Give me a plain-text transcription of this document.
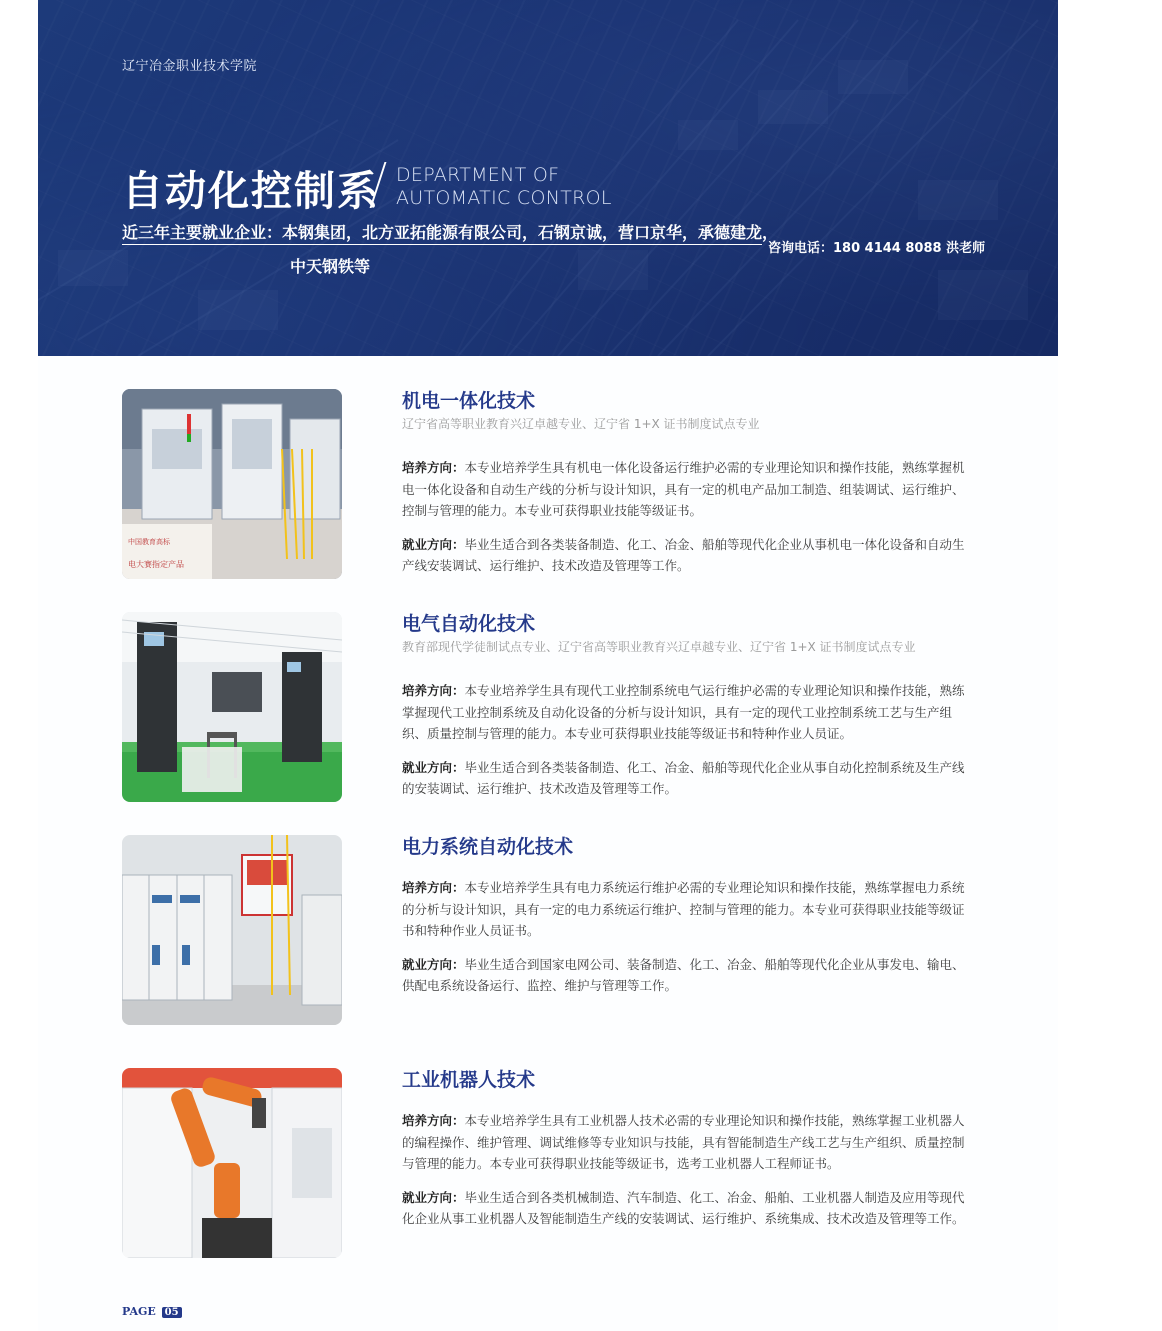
辽宁冶金职业技术学院
自动化控制系 DEPARTMENT OF
AUTOMATIC CONTROL
近三年主要就业企业：本钢集团，北方亚拓能源有限公司，石钢京诚，营口京华，承德建龙，
中天钢铁等
咨询电话：180 4144 8088 洪老师
中国教育高标
电大赛指定产品
机电一体化技术
辽宁省高等职业教育兴辽卓越专业、辽宁省 1+X 证书制度试点专业
培养方向：本专业培养学生具有机电一体化设备运行维护必需的专业理论知识和操作技能，熟练掌握机电一体化设备和自动生产线的分析与设计知识，具有一定的机电产品加工制造、组装调试、运行维护、控制与管理的能力。本专业可获得职业技能等级证书。
就业方向：毕业生适合到各类装备制造、化工、冶金、船舶等现代化企业从事机电一体化设备和自动生产线安装调试、运行维护、技术改造及管理等工作。
电气自动化技术
教育部现代学徒制试点专业、辽宁省高等职业教育兴辽卓越专业、辽宁省 1+X 证书制度试点专业
培养方向：本专业培养学生具有现代工业控制系统电气运行维护必需的专业理论知识和操作技能，熟练掌握现代工业控制系统及自动化设备的分析与设计知识，具有一定的现代工业控制系统工艺与生产组织、质量控制与管理的能力。本专业可获得职业技能等级证书和特种作业人员证。
就业方向：毕业生适合到各类装备制造、化工、冶金、船舶等现代化企业从事自动化控制系统及生产线的安装调试、运行维护、技术改造及管理等工作。
电力系统自动化技术
培养方向：本专业培养学生具有电力系统运行维护必需的专业理论知识和操作技能，熟练掌握电力系统的分析与设计知识，具有一定的电力系统运行维护、控制与管理的能力。本专业可获得职业技能等级证书和特种作业人员证书。
就业方向：毕业生适合到国家电网公司、装备制造、化工、冶金、船舶等现代化企业从事发电、输电、供配电系统设备运行、监控、维护与管理等工作。
工业机器人技术
培养方向：本专业培养学生具有工业机器人技术必需的专业理论知识和操作技能，熟练掌握工业机器人的编程操作、维护管理、调试维修等专业知识与技能，具有智能制造生产线工艺与生产组织、质量控制与管理的能力。本专业可获得职业技能等级证书，选考工业机器人工程师证书。
就业方向：毕业生适合到各类机械制造、汽车制造、化工、冶金、船舶、工业机器人制造及应用等现代化企业从事工业机器人及智能制造生产线的安装调试、运行维护、系统集成、技术改造及管理等工作。
PAGE 05
